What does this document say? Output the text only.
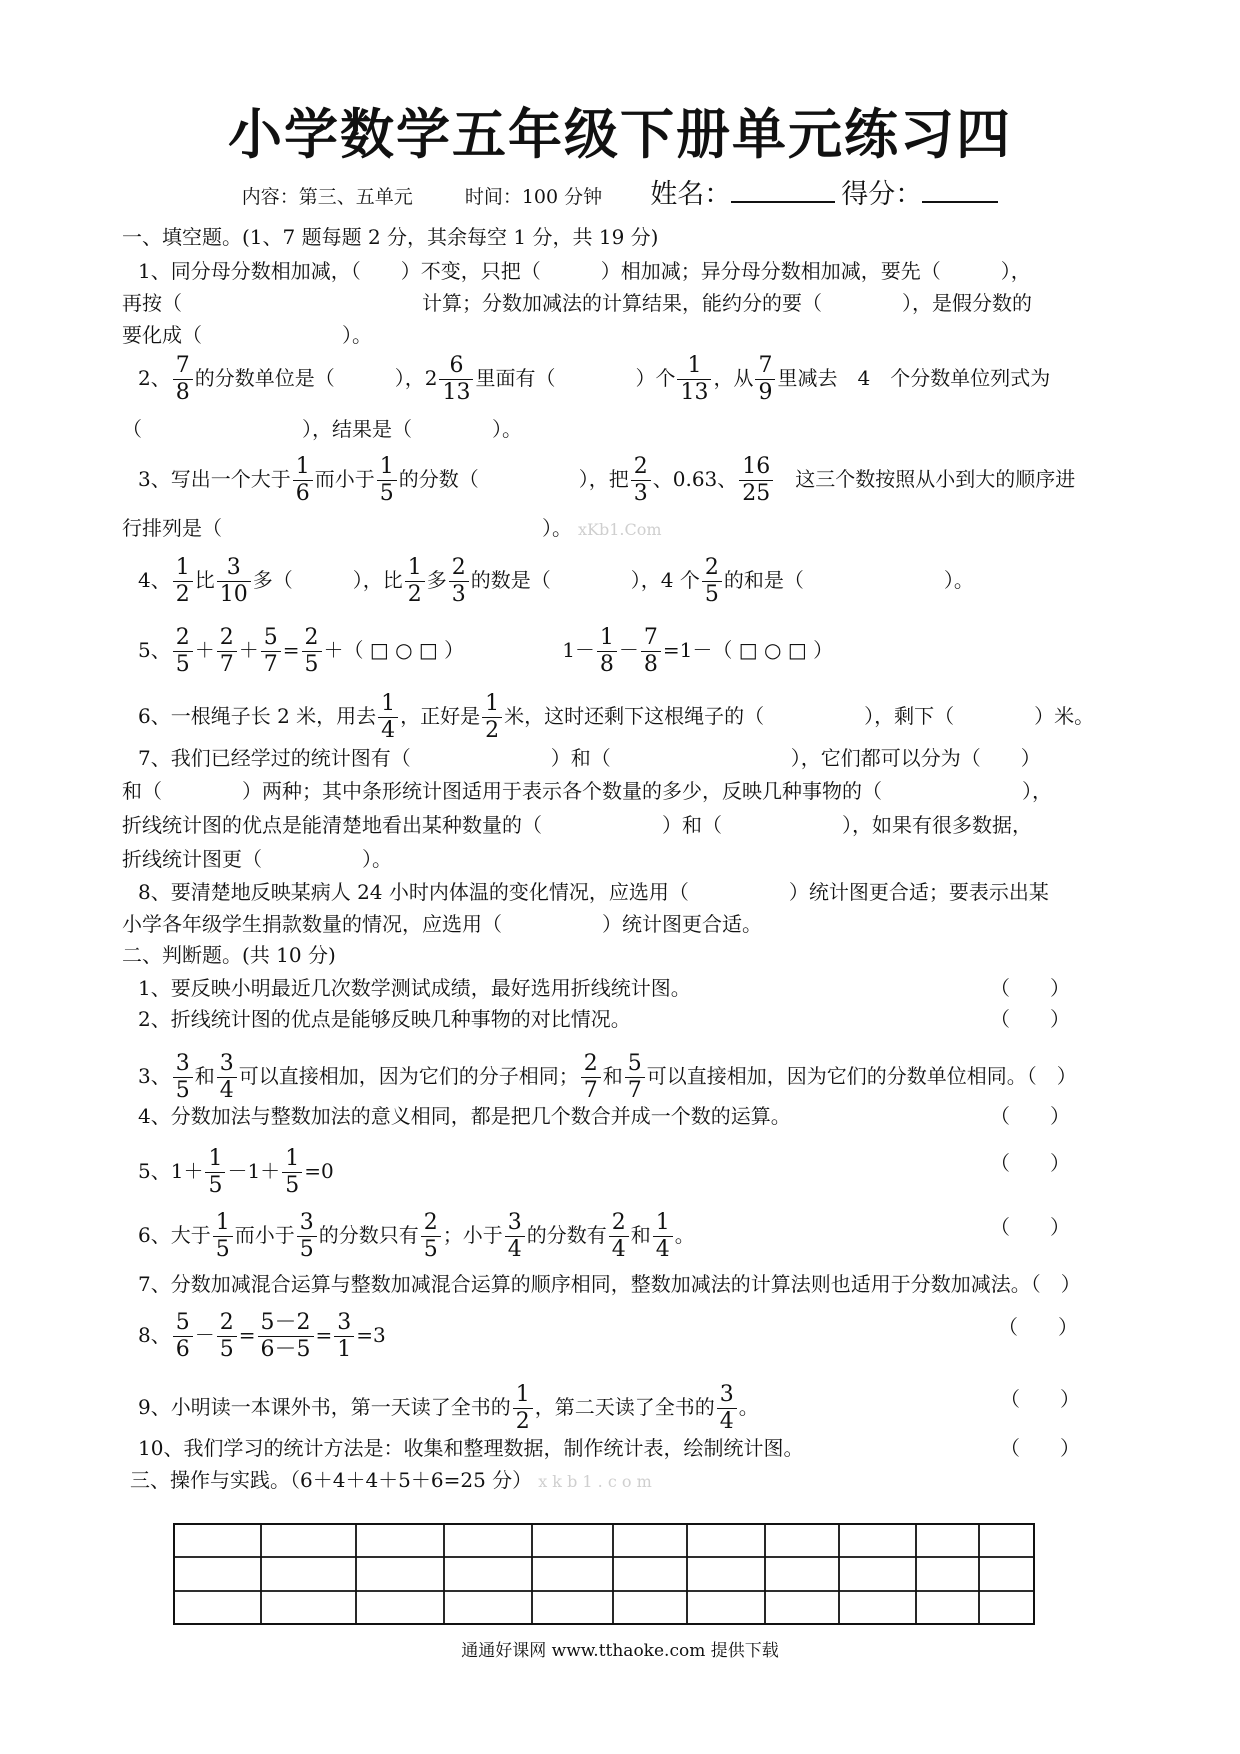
小学数学五年级下册单元练习四
内容：第三、五单元	时间：100 分钟 姓名：	得分：
一、填空题。(1、7 题每题 2 分，其余每空 1 分，共 19 分)
1、同分母分数相加减，（　　）不变，只把（　　　）相加减；异分母分数相加减，要先（　　　），
再按（　　　　　　　　　　　　计算；分数加减法的计算结果，能约分的要（　　　　），是假分数的
要化成（　　　　　　　）。
2、 $\frac{7}{8}$ 的分数单位是（　　　），$2 \frac{6}{13}$ 里面有（　　　　）个 $\frac{1}{13}$ ，从 $\frac{7}{9}$ 里减去　4　个分数单位列式为
（　　　　　　　　），结果是（　　　　）。
3、写出一个大于 $\frac{1}{6}$ 而小于 $\frac{1}{5}$ 的分数（　　　　　），把 $\frac{2}{3}$ 、0.63、 $\frac{16}{25}$ 　这三个数按照从小到大的顺序进
行排列是（　　　　　　　　　　　　　　　　）。 xKb1.Com
4、 $\frac{1}{2}$ 比 $\frac{3}{10}$ 多（　　　），比 $\frac{1}{2}$ 多 $\frac{2}{3}$ 的数是（　　　　），4 个 $\frac{2}{5}$ 的和是（　　　　　　　）。
5、 $\frac{2}{5} + \frac{2}{7} + \frac{5}{7} = \frac{2}{5}$ ＋（ □ ○ □ ）	$1- \frac{1}{8} - \frac{7}{8} =1-$（ □ ○ □ ）
6、一根绳子长 2 米，用去 $\frac{1}{4}$ ，正好是 $\frac{1}{2}$ 米，这时还剩下这根绳子的（　　　　　），剩下（　　　　）米。
7、我们已经学过的统计图有（　　　　　　　）和（　　　　　　　　　），它们都可以分为（　　）
和（　　　　）两种；其中条形统计图适用于表示各个数量的多少，反映几种事物的（　　　　　　　），
折线统计图的优点是能清楚地看出某种数量的（　　　　　　）和（　　　　　　），如果有很多数据，
折线统计图更（　　　　　）。
8、要清楚地反映某病人 24 小时内体温的变化情况，应选用（　　　　　）统计图更合适；要表示出某
小学各年级学生捐款数量的情况，应选用（　　　　　）统计图更合适。
二、判断题。(共 10 分)
1、要反映小明最近几次数学测试成绩，最好选用折线统计图。	（　　）
2、折线统计图的优点是能够反映几种事物的对比情况。	（　　）
3、 $\frac{3}{5}$ 和 $\frac{3}{4}$ 可以直接相加，因为它们的分子相同； $\frac{2}{7}$ 和 $\frac{5}{7}$ 可以直接相加，因为它们的分数单位相同。（　）
4、分数加法与整数加法的意义相同，都是把几个数合并成一个数的运算。	（　　）
5、$1+ \frac{1}{5} -1+ \frac{1}{5} =0$	（　　）
6、大于 $\frac{1}{5}$ 而小于 $\frac{3}{5}$ 的分数只有 $\frac{2}{5}$ ；小于 $\frac{3}{4}$ 的分数有 $\frac{2}{4}$ 和 $\frac{1}{4}$ 。	（　　）
7、分数加减混合运算与整数加减混合运算的顺序相同，整数加减法的计算法则也适用于分数加减法。（　）
8、 $\frac{5}{6} - \frac{2}{5} = \frac{5-2}{6-5} = \frac{3}{1} =3$	（　　）
9、小明读一本课外书，第一天读了全书的 $\frac{1}{2}$ ，第二天读了全书的 $\frac{3}{4}$ 。	（　　）
10、我们学习的统计方法是：收集和整理数据，制作统计表，绘制统计图。	（　　）
三、操作与实践。（6＋4＋4＋5＋6=25 分） x k b 1 . c o m
通通好课网 www.tthaoke.com 提供下载
